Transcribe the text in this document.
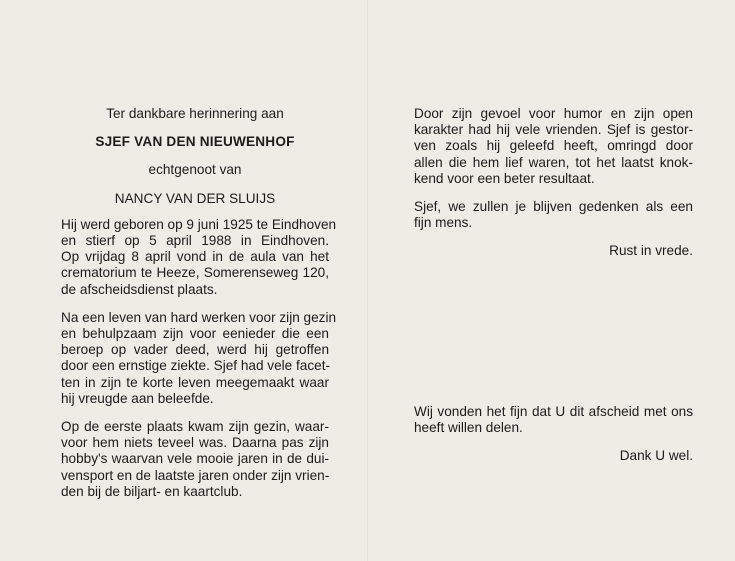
Ter dankbare herinnering aan

SJEF VAN DEN NIEUWENHOF

echtgenoot van

NANCY VAN DER SLUIJS

Hij werd geboren op 9 juni 1925 te Eindhoven
en stierf op 5 april 1988 in Eindhoven.
Op vrijdag 8 april vond in de aula van het
crematorium te Heeze, Somerenseweg 120,
de afscheidsdienst plaats.

Na een leven van hard werken voor zijn gezin
en behulpzaam zijn voor eenieder die een
beroep op vader deed, werd hij getroffen
door een ernstige ziekte. Sjef had vele facet-
ten in zijn te korte leven meegemaakt waar
hij vreugde aan beleefde.

Op de eerste plaats kwam zijn gezin, waar-
voor hem niets teveel was. Daarna pas zijn
hobby's waarvan vele mooie jaren in de dui-
vensport en de laatste jaren onder zijn vrien-
den bij de biljart- en kaartclub.

Door zijn gevoel voor humor en zijn open
karakter had hij vele vrienden. Sjef is gestor-
ven zoals hij geleefd heeft, omringd door
allen die hem lief waren, tot het laatst knok-
kend voor een beter resultaat.

Sjef, we zullen je blijven gedenken als een
fijn mens.

Rust in vrede.

Wij vonden het fijn dat U dit afscheid met ons
heeft willen delen.

Dank U wel.
